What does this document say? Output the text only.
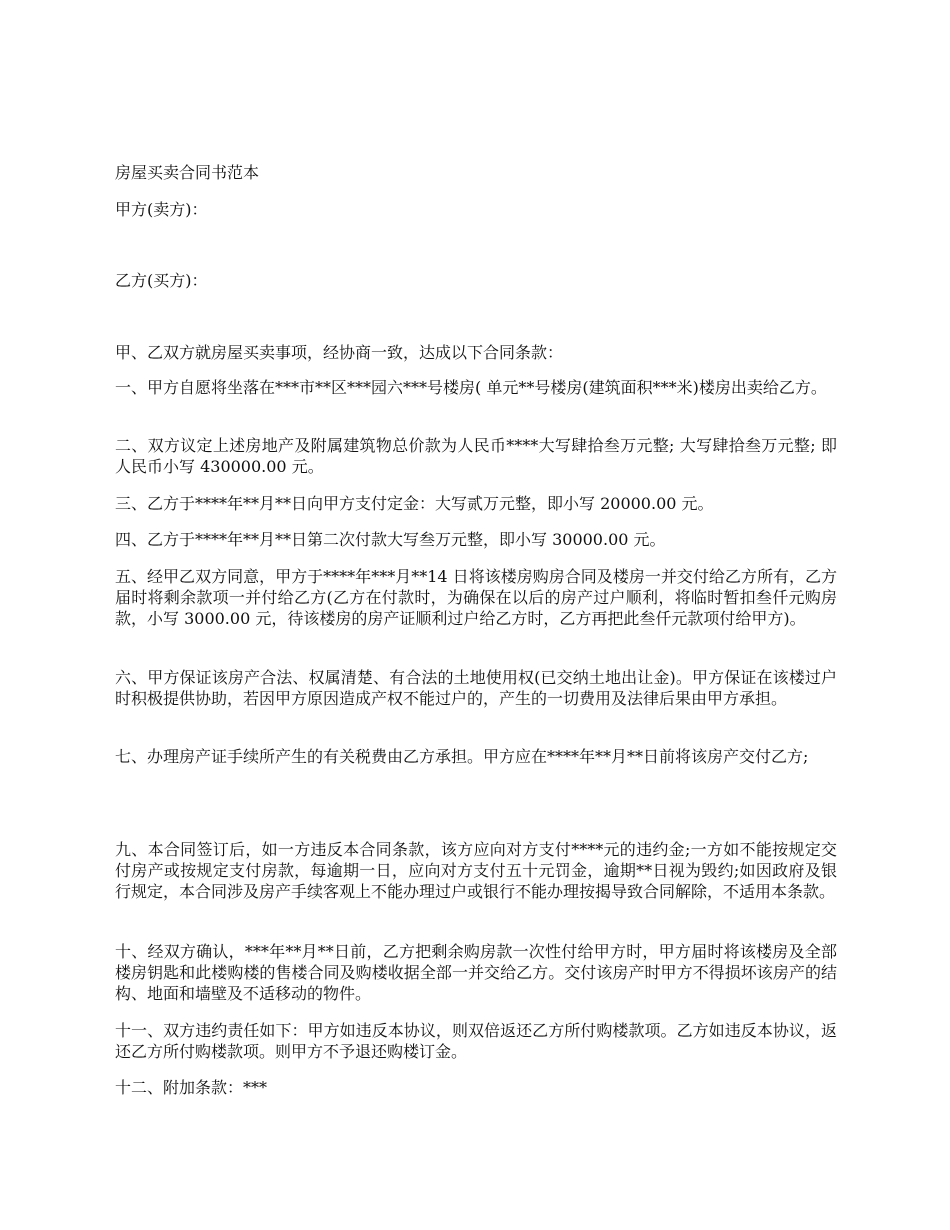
房屋买卖合同书范本
甲方(卖方)：
乙方(买方)：
甲、乙双方就房屋买卖事项，经协商一致，达成以下合同条款：
一、甲方自愿将坐落在***市**区***园六***号楼房( 单元**号楼房(建筑面积***米)楼房出卖给乙方。
二、双方议定上述房地产及附属建筑物总价款为人民币****大写肆拾叁万元整; 大写肆拾叁万元整; 即人民币小写 430000.00 元。
三、乙方于****年**月**日向甲方支付定金：大写贰万元整，即小写 20000.00 元。
四、乙方于****年**月**日第二次付款大写叁万元整，即小写 30000.00 元。
五、经甲乙双方同意，甲方于****年***月**14 日将该楼房购房合同及楼房一并交付给乙方所有，乙方届时将剩余款项一并付给乙方(乙方在付款时，为确保在以后的房产过户顺利，将临时暂扣叁仟元购房款，小写 3000.00 元，待该楼房的房产证顺利过户给乙方时，乙方再把此叁仟元款项付给甲方)。
六、甲方保证该房产合法、权属清楚、有合法的土地使用权(已交纳土地出让金)。甲方保证在该楼过户时积极提供协助，若因甲方原因造成产权不能过户的，产生的一切费用及法律后果由甲方承担。
七、办理房产证手续所产生的有关税费由乙方承担。甲方应在****年**月**日前将该房产交付乙方;
九、本合同签订后，如一方违反本合同条款，该方应向对方支付****元的违约金;一方如不能按规定交付房产或按规定支付房款，每逾期一日，应向对方支付五十元罚金，逾期**日视为毁约;如因政府及银行规定，本合同涉及房产手续客观上不能办理过户或银行不能办理按揭导致合同解除，不适用本条款。
十、经双方确认，***年**月**日前，乙方把剩余购房款一次性付给甲方时，甲方届时将该楼房及全部楼房钥匙和此楼购楼的售楼合同及购楼收据全部一并交给乙方。交付该房产时甲方不得损坏该房产的结构、地面和墙壁及不适移动的物件。
十一、双方违约责任如下：甲方如违反本协议，则双倍返还乙方所付购楼款项。乙方如违反本协议，返还乙方所付购楼款项。则甲方不予退还购楼订金。
十二、附加条款：***
